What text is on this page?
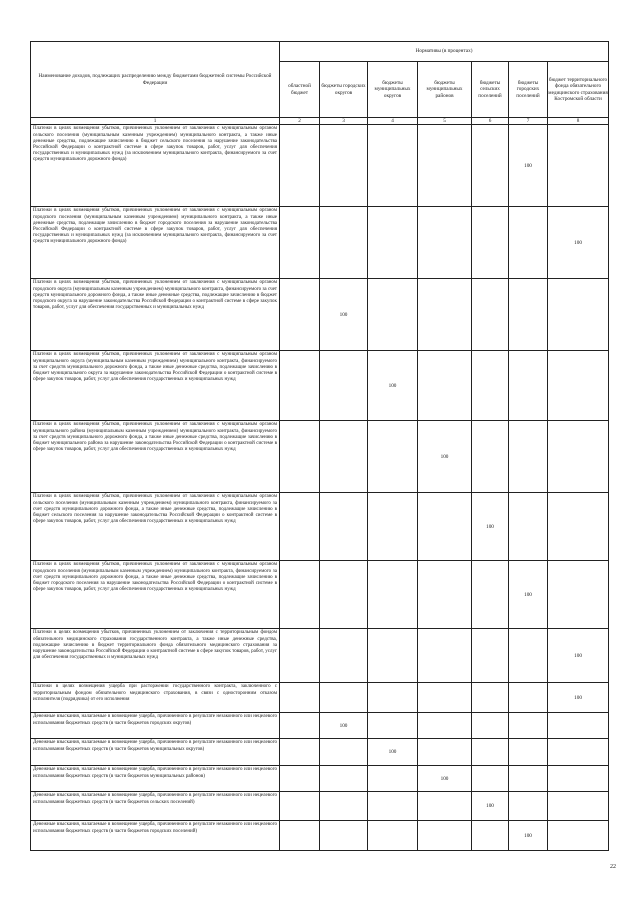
Наименование доходов, подлежащих распределению между бюджетами бюджетной системы Российской Федерации	Нормативы (в процентах)						
	областной бюджет	бюджеты городских округов	бюджеты муниципальных округов	бюджеты муниципальных районов	бюджеты сельских поселений	бюджеты городских поселений	бюджет территориального фонда обязательного медицинского страхования Костромской области
1	2	3	4	5	6	7	8
Платежи в целях возмещения убытков, причиненных уклонением от заключения с муниципальным органом сельского поселения (муниципальным казенным учреждением) муниципального контракта, а также иные денежные средства, подлежащие зачислению в бюджет сельского поселения за нарушение законодательства Российской Федерации о контрактной системе в сфере закупок товаров, работ, услуг для обеспечения государственных и муниципальных нужд (за исключением муниципального контракта, финансируемого за счет средств муниципального дорожного фонда)						100	
Платежи в целях возмещения убытков, причиненных уклонением от заключения с муниципальным органом городского поселения (муниципальным казенным учреждением) муниципального контракта, а также иные денежные средства, подлежащие зачислению в бюджет городского поселения за нарушение законодательства Российской Федерации о контрактной системе в сфере закупок товаров, работ, услуг для обеспечения государственных и муниципальных нужд (за исключением муниципального контракта, финансируемого за счет средств муниципального дорожного фонда)							100
Платежи в целях возмещения убытков, причиненных уклонением от заключения с муниципальным органом городского округа (муниципальным казенным учреждением) муниципального контракта, финансируемого за счет средств муниципального дорожного фонда, а также иные денежные средства, подлежащие зачислению в бюджет городского округа за нарушение законодательства Российской Федерации о контрактной системе в сфере закупок товаров, работ, услуг для обеспечения государственных и муниципальных нужд		100					
Платежи в целях возмещения убытков, причиненных уклонением от заключения с муниципальным органом муниципального округа (муниципальным казенным учреждением) муниципального контракта, финансируемого за счет средств муниципального дорожного фонда, а также иные денежные средства, подлежащие зачислению в бюджет муниципального округа за нарушение законодательства Российской Федерации о контрактной системе в сфере закупок товаров, работ, услуг для обеспечения государственных и муниципальных нужд			100				
Платежи в целях возмещения убытков, причиненных уклонением от заключения с муниципальным органом муниципального района (муниципальным казенным учреждением) муниципального контракта, финансируемого за счет средств муниципального дорожного фонда, а также иные денежные средства, подлежащие зачислению в бюджет муниципального района за нарушение законодательства Российской Федерации о контрактной системе в сфере закупок товаров, работ, услуг для обеспечения государственных и муниципальных нужд				100			
Платежи в целях возмещения убытков, причиненных уклонением от заключения с муниципальным органом сельского поселения (муниципальным казенным учреждением) муниципального контракта, финансируемого за счет средств муниципального дорожного фонда, а также иные денежные средства, подлежащие зачислению в бюджет сельского поселения за нарушение законодательства Российской Федерации о контрактной системе в сфере закупок товаров, работ, услуг для обеспечения государственных и муниципальных нужд					100		
Платежи в целях возмещения убытков, причиненных уклонением от заключения с муниципальным органом городского поселения (муниципальным казенным учреждением) муниципального контракта, финансируемого за счет средств муниципального дорожного фонда, а также иные денежные средства, подлежащие зачислению в бюджет городского поселения за нарушение законодательства Российской Федерации о контрактной системе в сфере закупок товаров, работ, услуг для обеспечения государственных и муниципальных нужд						100	
Платежи в целях возмещения убытков, причиненных уклонением от заключения с территориальным фондом обязательного медицинского страхования государственного контракта, а также иные денежные средства, подлежащие зачислению в бюджет территориального фонда обязательного медицинского страхования за нарушение законодательства Российской Федерации о контрактной системе в сфере закупок товаров, работ, услуг для обеспечения государственных и муниципальных нужд							100
Платежи в целях возмещения ущерба при расторжении государственного контракта, заключенного с территориальным фондом обязательного медицинского страхования, в связи с односторонним отказом исполнителя (подрядчика) от его исполнения							100
Денежные взыскания, налагаемые в возмещение ущерба, причиненного в результате незаконного или нецелевого использования бюджетных средств (в части бюджетов городских округов)		100					
Денежные взыскания, налагаемые в возмещение ущерба, причиненного в результате незаконного или нецелевого использования бюджетных средств (в части бюджетов муниципальных округов)			100				
Денежные взыскания, налагаемые в возмещение ущерба, причиненного в результате незаконного или нецелевого использования бюджетных средств (в части бюджетов муниципальных районов)				100			
Денежные взыскания, налагаемые в возмещение ущерба, причиненного в результате незаконного или нецелевого использования бюджетных средств (в части бюджетов сельских поселений)					100		
Денежные взыскания, налагаемые в возмещение ущерба, причиненного в результате незаконного или нецелевого использования бюджетных средств (в части бюджетов городских поселений)						100	
22
